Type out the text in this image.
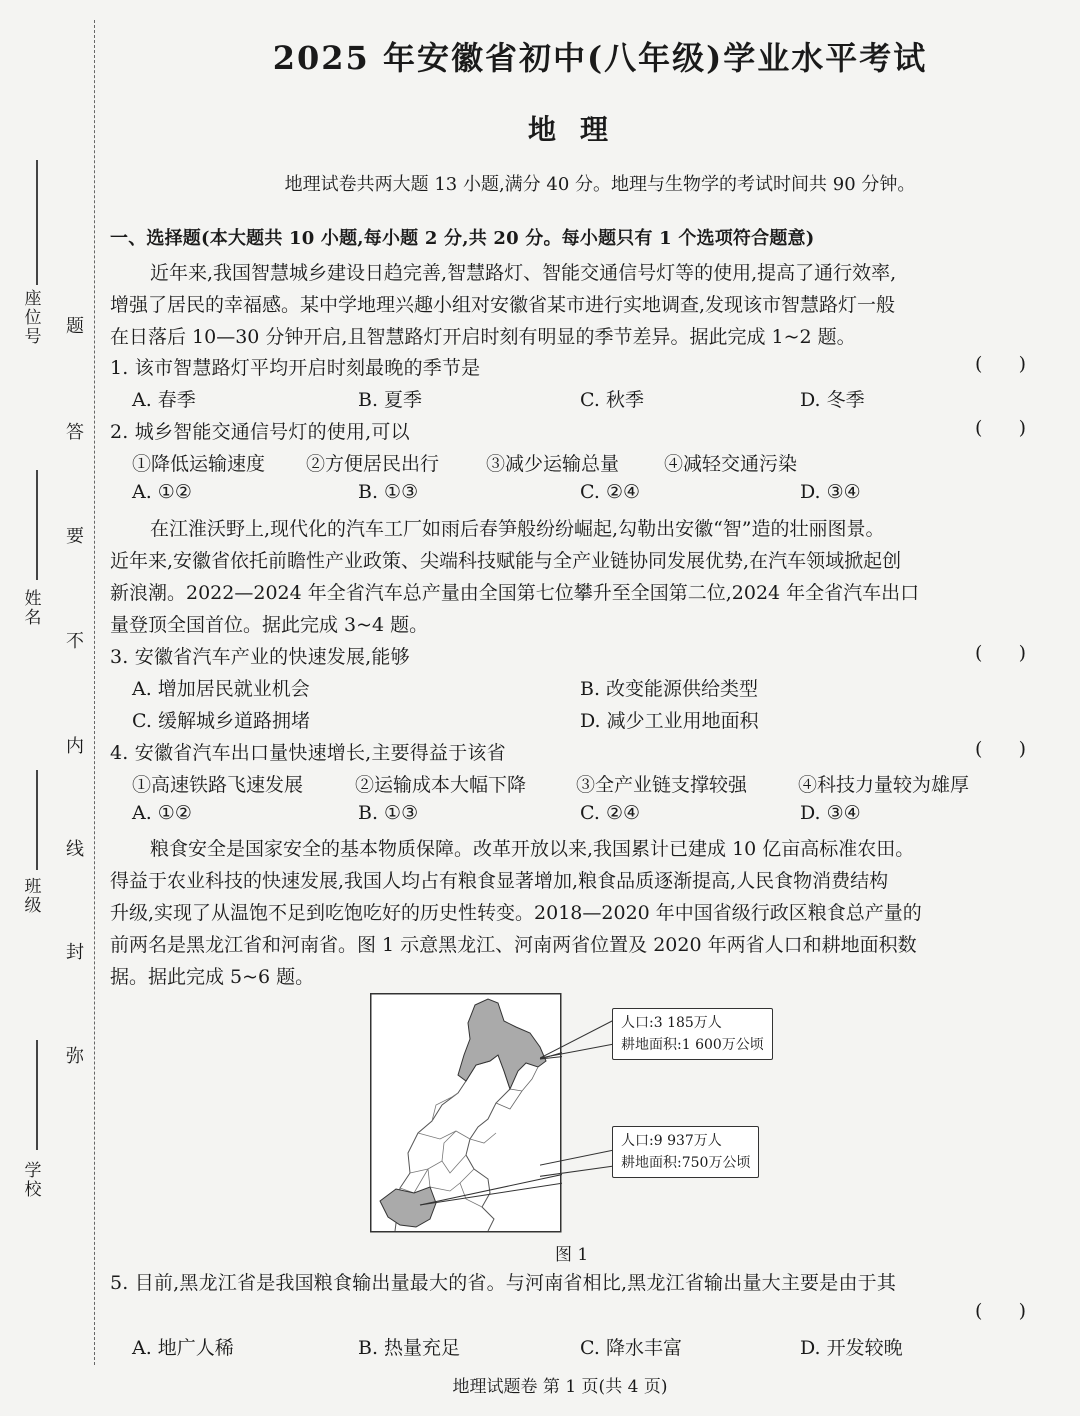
座位号
姓名
班级
学校
题
答
要
不
内
线
封
弥
2025 年安徽省初中(八年级)学业水平考试
地理
地理试卷共两大题 13 小题,满分 40 分。地理与生物学的考试时间共 90 分钟。
一、选择题(本大题共 10 小题,每小题 2 分,共 20 分。每小题只有 1 个选项符合题意)
近年来,我国智慧城乡建设日趋完善,智慧路灯、智能交通信号灯等的使用,提高了通行效率,
增强了居民的幸福感。某中学地理兴趣小组对安徽省某市进行实地调查,发现该市智慧路灯一般
在日落后 10—30 分钟开启,且智慧路灯开启时刻有明显的季节差异。据此完成 1~2 题。
1. 该市智慧路灯平均开启时刻最晚的季节是	(      )
A. 春季	B. 夏季	C. 秋季	D. 冬季
2. 城乡智能交通信号灯的使用,可以	(      )
①降低运输速度 ②方便居民出行 ③减少运输总量 ④减轻交通污染
A. ①②	B. ①③	C. ②④	D. ③④
在江淮沃野上,现代化的汽车工厂如雨后春笋般纷纷崛起,勾勒出安徽“智”造的壮丽图景。
近年来,安徽省依托前瞻性产业政策、尖端科技赋能与全产业链协同发展优势,在汽车领域掀起创
新浪潮。2022—2024 年全省汽车总产量由全国第七位攀升至全国第二位,2024 年全省汽车出口
量登顶全国首位。据此完成 3~4 题。
3. 安徽省汽车产业的快速发展,能够	(      )
A. 增加居民就业机会	B. 改变能源供给类型
C. 缓解城乡道路拥堵	D. 减少工业用地面积
4. 安徽省汽车出口量快速增长,主要得益于该省	(      )
①高速铁路飞速发展	②运输成本大幅下降	③全产业链支撑较强	④科技力量较为雄厚
A. ①②	B. ①③	C. ②④	D. ③④
粮食安全是国家安全的基本物质保障。改革开放以来,我国累计已建成 10 亿亩高标准农田。
得益于农业科技的快速发展,我国人均占有粮食显著增加,粮食品质逐渐提高,人民食物消费结构
升级,实现了从温饱不足到吃饱吃好的历史性转变。2018—2020 年中国省级行政区粮食总产量的
前两名是黑龙江省和河南省。图 1 示意黑龙江、河南两省位置及 2020 年两省人口和耕地面积数
据。据此完成 5~6 题。
人口:3 185万人
耕地面积:1 600万公顷
人口:9 937万人
耕地面积:750万公顷
图 1
5. 目前,黑龙江省是我国粮食输出量最大的省。与河南省相比,黑龙江省输出量大主要是由于其
(      )
A. 地广人稀	B. 热量充足	C. 降水丰富	D. 开发较晚
地理试题卷 第 1 页(共 4 页)
